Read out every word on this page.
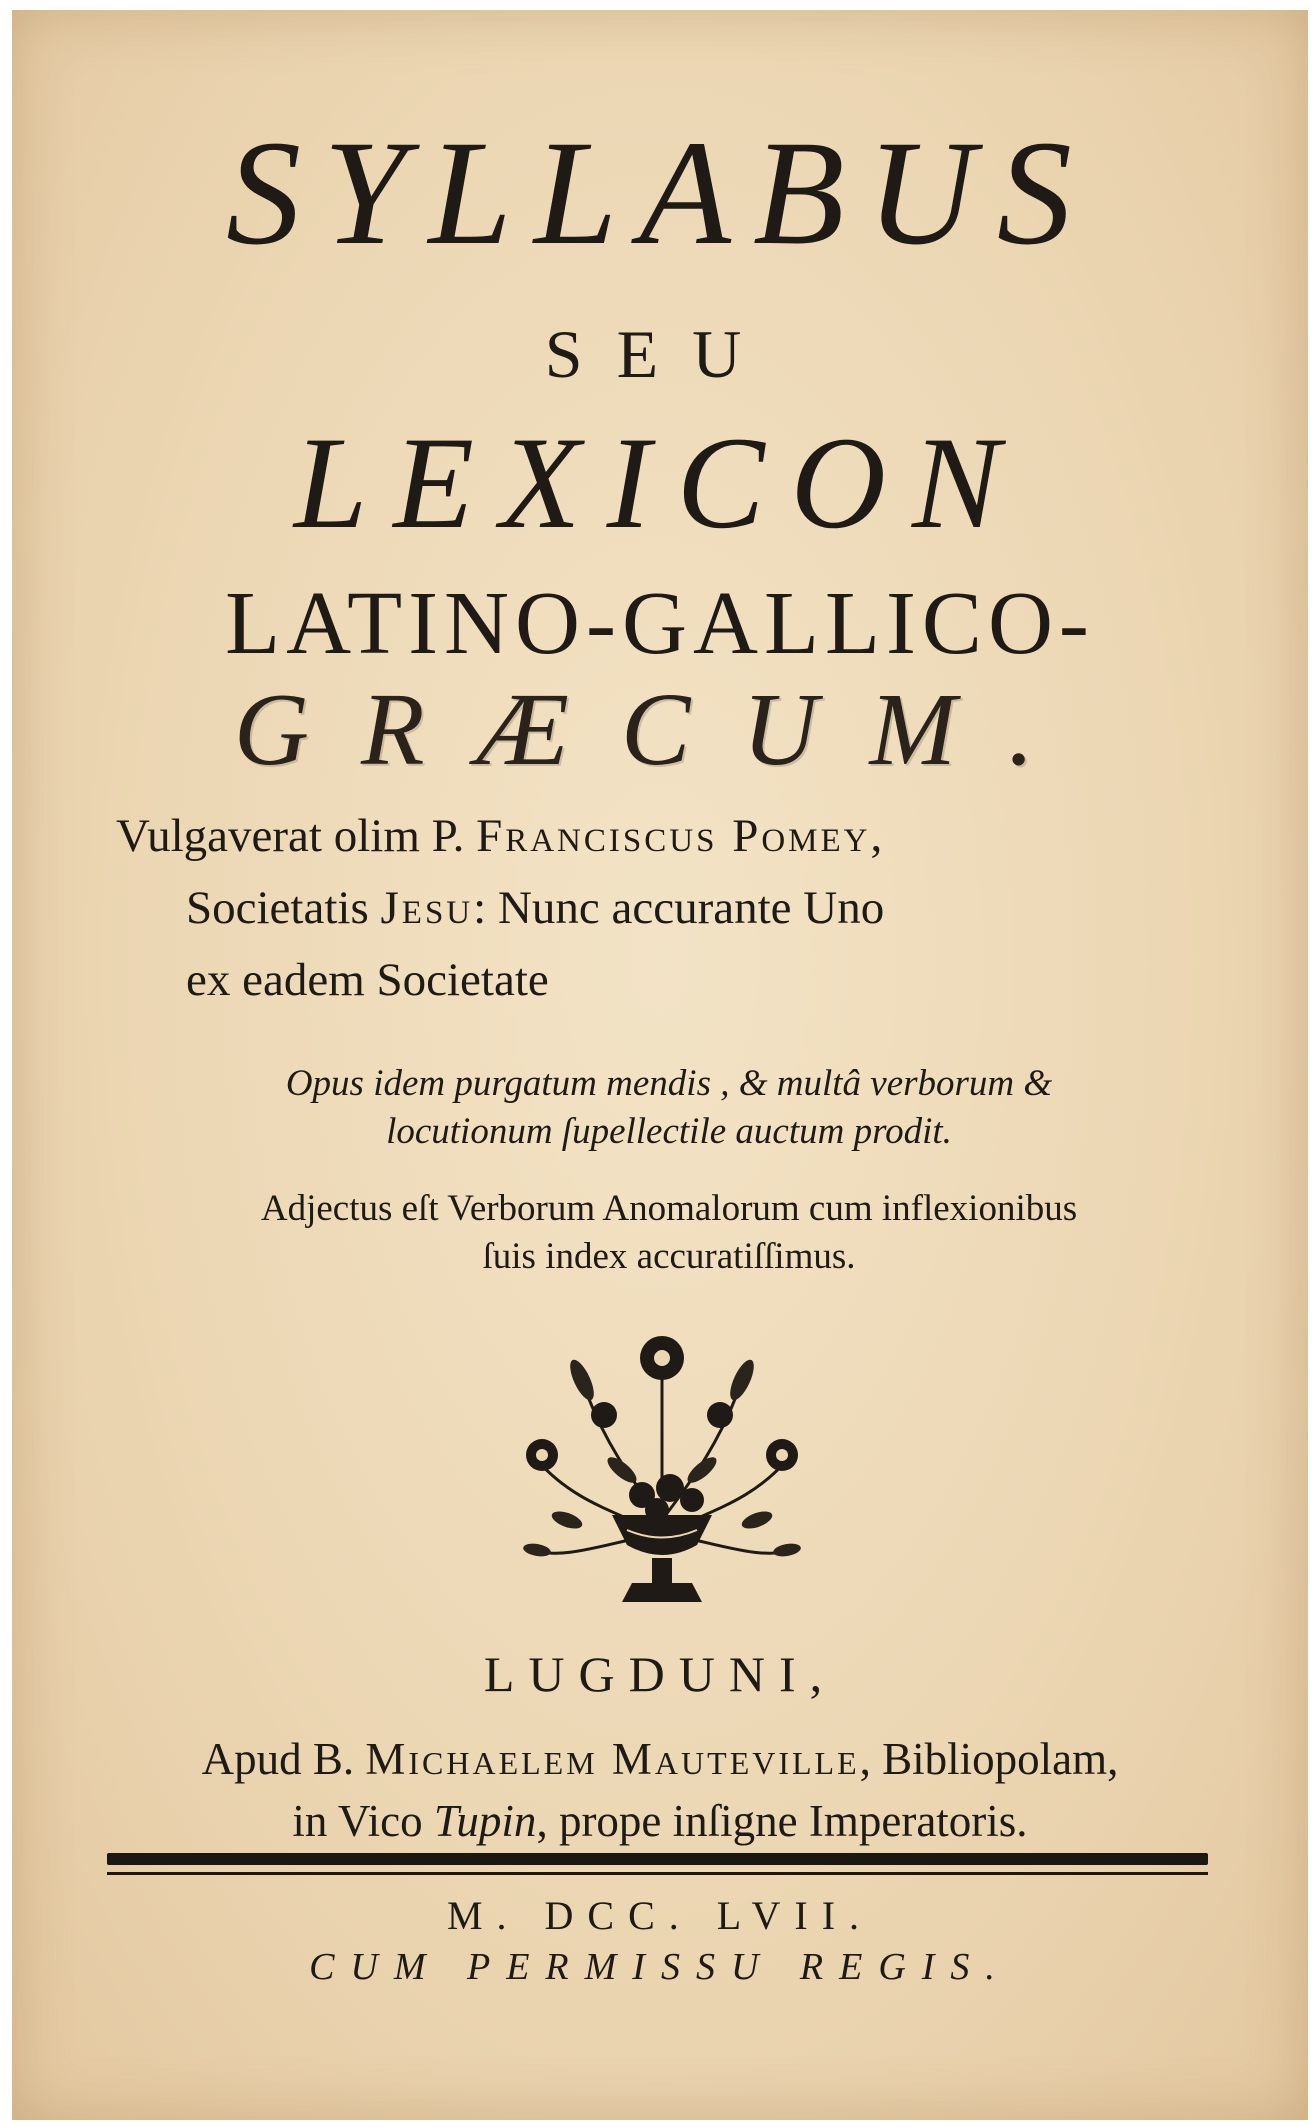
SYLLABUS
SEU
LEXICON
LATINO-GALLICO-
GRÆCUM.
Vulgaverat olim P. Franciscus Pomey,
Societatis Jesu: Nunc accurante Uno
ex eadem Societate
Opus idem purgatum mendis , & multâ verborum &
locutionum ſupellectile auctum prodit.
Adjectus eſt Verborum Anomalorum cum inflexionibus
ſuis index accuratiſſimus.
LUGDUNI,
Apud B. Michaelem Mauteville, Bibliopolam,
in Vico Tupin, prope inſigne Imperatoris.
M. DCC. LVII.
CUM PERMISSU REGIS.
